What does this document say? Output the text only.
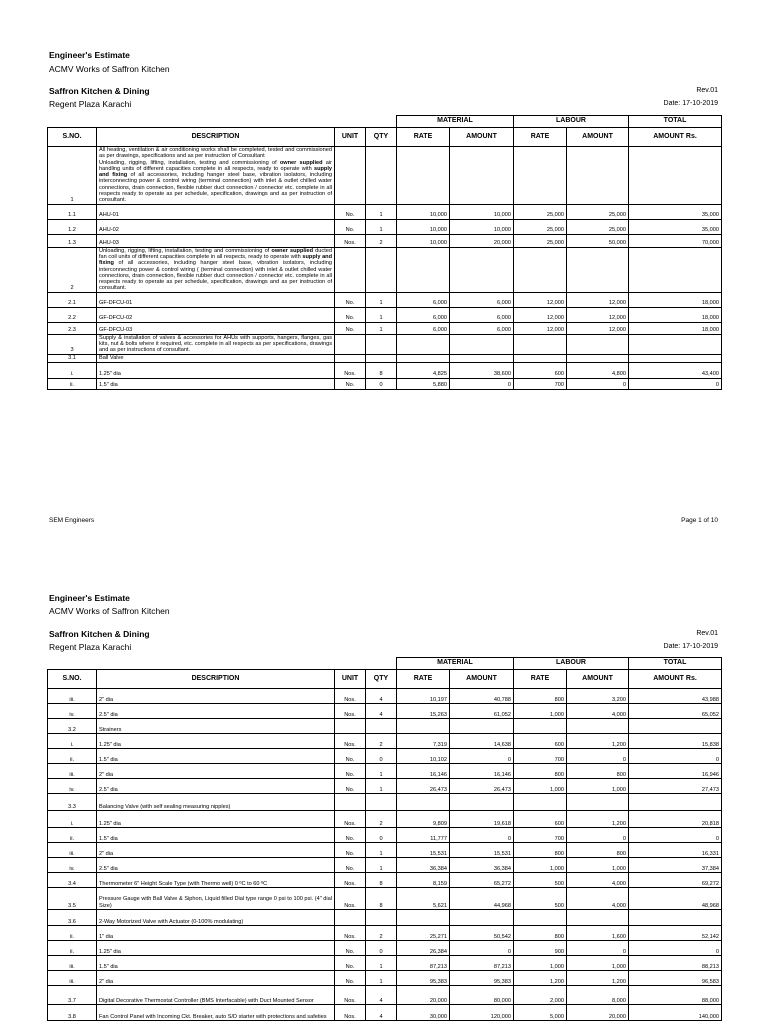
Engineer's Estimate
ACMV Works of Saffron Kitchen
Saffron Kitchen & Dining
Regent Plaza Karachi
Rev.01
Date: 17-10-2019
				MATERIAL		LABOUR		TOTAL
S.NO.	DESCRIPTION	UNIT	QTY	RATE	AMOUNT	RATE	AMOUNT	AMOUNT Rs.
1	All heating, ventilation & air conditioning works shall be completed, tested and commissioned as per drawings, specifications and as per instruction of Consultant
Unloading, rigging, lifting, installation, testing and commissioning of owner supplied air handling units of different capacities complete in all respects, ready to operate with supply and fixing of all accessories, including hanger steel base, vibration isolators, including interconnecting power & control wiring (terminal connection) with inlet & outlet chilled water connections, drain connection, flexible rubber duct connection / connector etc. complete in all respects ready to operate as per schedule, specification, drawings and as per instruction of consultant.							
1.1	AHU-01	No.	1	10,000	10,000	25,000	25,000	35,000
1.2	AHU-02	No.	1	10,000	10,000	25,000	25,000	35,000
1.3	AHU-03	Nos.	2	10,000	20,000	25,000	50,000	70,000
2	Unloading, rigging, lifting, installation, testing and commissioning of owner supplied ducted fan coil units of different capacities complete in all respects, ready to operate with supply and fixing of all accessories, including hanger steel base, vibration isolators, including interconnecting power & control wiring ( (terminal connection) with inlet & outlet chilled water connections, drain connection, flexible rubber duct connection / connector etc. complete in all respects ready to operate as per schedule, specification, drawings and as per instruction of consultant.							
2.1	GF-DFCU-01	No.	1	6,000	6,000	12,000	12,000	18,000
2.2	GF-DFCU-02	No.	1	6,000	6,000	12,000	12,000	18,000
2.3	GF-DFCU-03	No.	1	6,000	6,000	12,000	12,000	18,000
3	Supply & installation of valves & accessories for AHUs with supports, hangers, flanges, gas kits, nut & bolts where it required, etc. complete in all respects as per specifications, drawings and as per instructions of consultant.							
3.1	Ball Valve							
i.	1.25" dia	Nos.	8	4,825	38,600	600	4,800	43,400
ii.	1.5" dia	No.	0	5,880	0	700	0	0
SEM Engineers	Page 1 of 10
Engineer's Estimate
ACMV Works of Saffron Kitchen
Saffron Kitchen & Dining
Regent Plaza Karachi
Rev.01
Date: 17-10-2019
				MATERIAL		LABOUR		TOTAL
S.NO.	DESCRIPTION	UNIT	QTY	RATE	AMOUNT	RATE	AMOUNT	AMOUNT Rs.
iii.	2" dia	Nos.	4	10,197	40,788	800	3,200	43,988
iv.	2.5" dia	Nos.	4	15,263	61,052	1,000	4,000	65,052
3.2	Strainers							
i.	1.25" dia	Nos.	2	7,319	14,638	600	1,200	15,838
ii.	1.5" dia	No.	0	10,102	0	700	0	0
iii.	2" dia	No.	1	16,146	16,146	800	800	16,946
iv.	2.5" dia	No.	1	26,473	26,473	1,000	1,000	27,473
3.3	Balancing Valve (with self sealing measuring nipples)							
i.	1.25" dia	Nos.	2	9,809	19,618	600	1,200	20,818
ii.	1.5" dia	No.	0	11,777	0	700	0	0
iii.	2" dia	No.	1	15,531	15,531	800	800	16,331
iv.	2.5" dia	No.	1	36,384	36,384	1,000	1,000	37,384
3.4	Thermometer 6" Height Scale Type (with Thermo well) 0 ºC to 60 ºC	Nos.	8	8,159	65,272	500	4,000	69,272
3.5	Pressure Gauge with Ball Valve & Siphon, Liquid filled Dial type range 0 psi to 100 psi. (4" dial Size)	Nos.	8	5,621	44,968	500	4,000	48,968
3.6	2-Way Motorized Valve with Actuator (0-100% modulating)							
ii.	1" dia	Nos.	2	25,271	50,542	800	1,600	52,142
ii.	1.25" dia	No.	0	26,384	0	900	0	0
iii.	1.5" dia	No.	1	87,213	87,213	1,000	1,000	88,213
iii.	2" dia	No.	1	95,383	95,383	1,200	1,200	96,583
3.7	Digital Decorative Thermostat Controller (BMS Interfacable) with Duct Mounted Sensor	Nos.	4	20,000	80,000	2,000	8,000	88,000
3.8	Fan Control Panel with Incoming Ckt. Breaker, auto S/D starter with protections and safeties	Nos.	4	30,000	120,000	5,000	20,000	140,000
